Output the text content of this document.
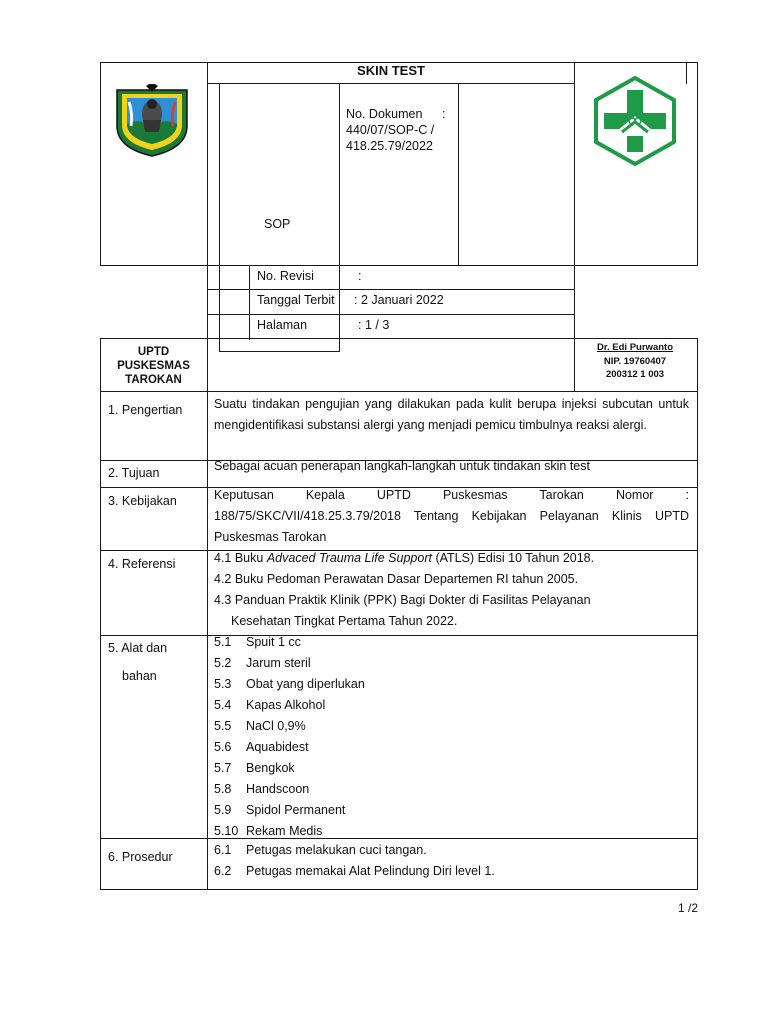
SKIN TEST
SOP
No. Dokumen :
440/07/SOP-C /
418.25.79/2022
No. Revisi	:
Tanggal Terbit : 2 Januari 2022
Halaman	: 1 / 3
UPTD
PUSKESMAS
TAROKAN
Dr. Edi Purwanto
NIP. 19760407
200312 1 003
1. Pengertian	Suatu tindakan pengujian yang dilakukan pada kulit berupa injeksi subcutan untuk mengidentifikasi substansi alergi yang menjadi pemicu timbulnya reaksi alergi.
2. Tujuan	Sebagai acuan penerapan langkah-langkah untuk tindakan skin test
3. Kebijakan	Keputusan Kepala UPTD Puskesmas Tarokan Nomor : 188/75/SKC/VII/418.25.3.79/2018 Tentang Kebijakan Pelayanan Klinis UPTD Puskesmas Tarokan
4. Referensi	4.1 Buku Advaced Trauma Life Support (ATLS) Edisi 10 Tahun 2018.
4.2 Buku Pedoman Perawatan Dasar Departemen RI tahun 2005.
4.3 Panduan Praktik Klinik (PPK) Bagi Dokter di Fasilitas Pelayanan
Kesehatan Tingkat Pertama Tahun 2022.
5. Alat dan
bahan
5.1 Spuit 1 cc
5.2 Jarum steril
5.3 Obat yang diperlukan
5.4 Kapas Alkohol
5.5 NaCl 0,9%
5.6 Aquabidest
5.7 Bengkok
5.8 Handscoon
5.9 Spidol Permanent
5.10 Rekam Medis
6. Prosedur	6.1 Petugas melakukan cuci tangan.
6.2 Petugas memakai Alat Pelindung Diri level 1.
1 /2
